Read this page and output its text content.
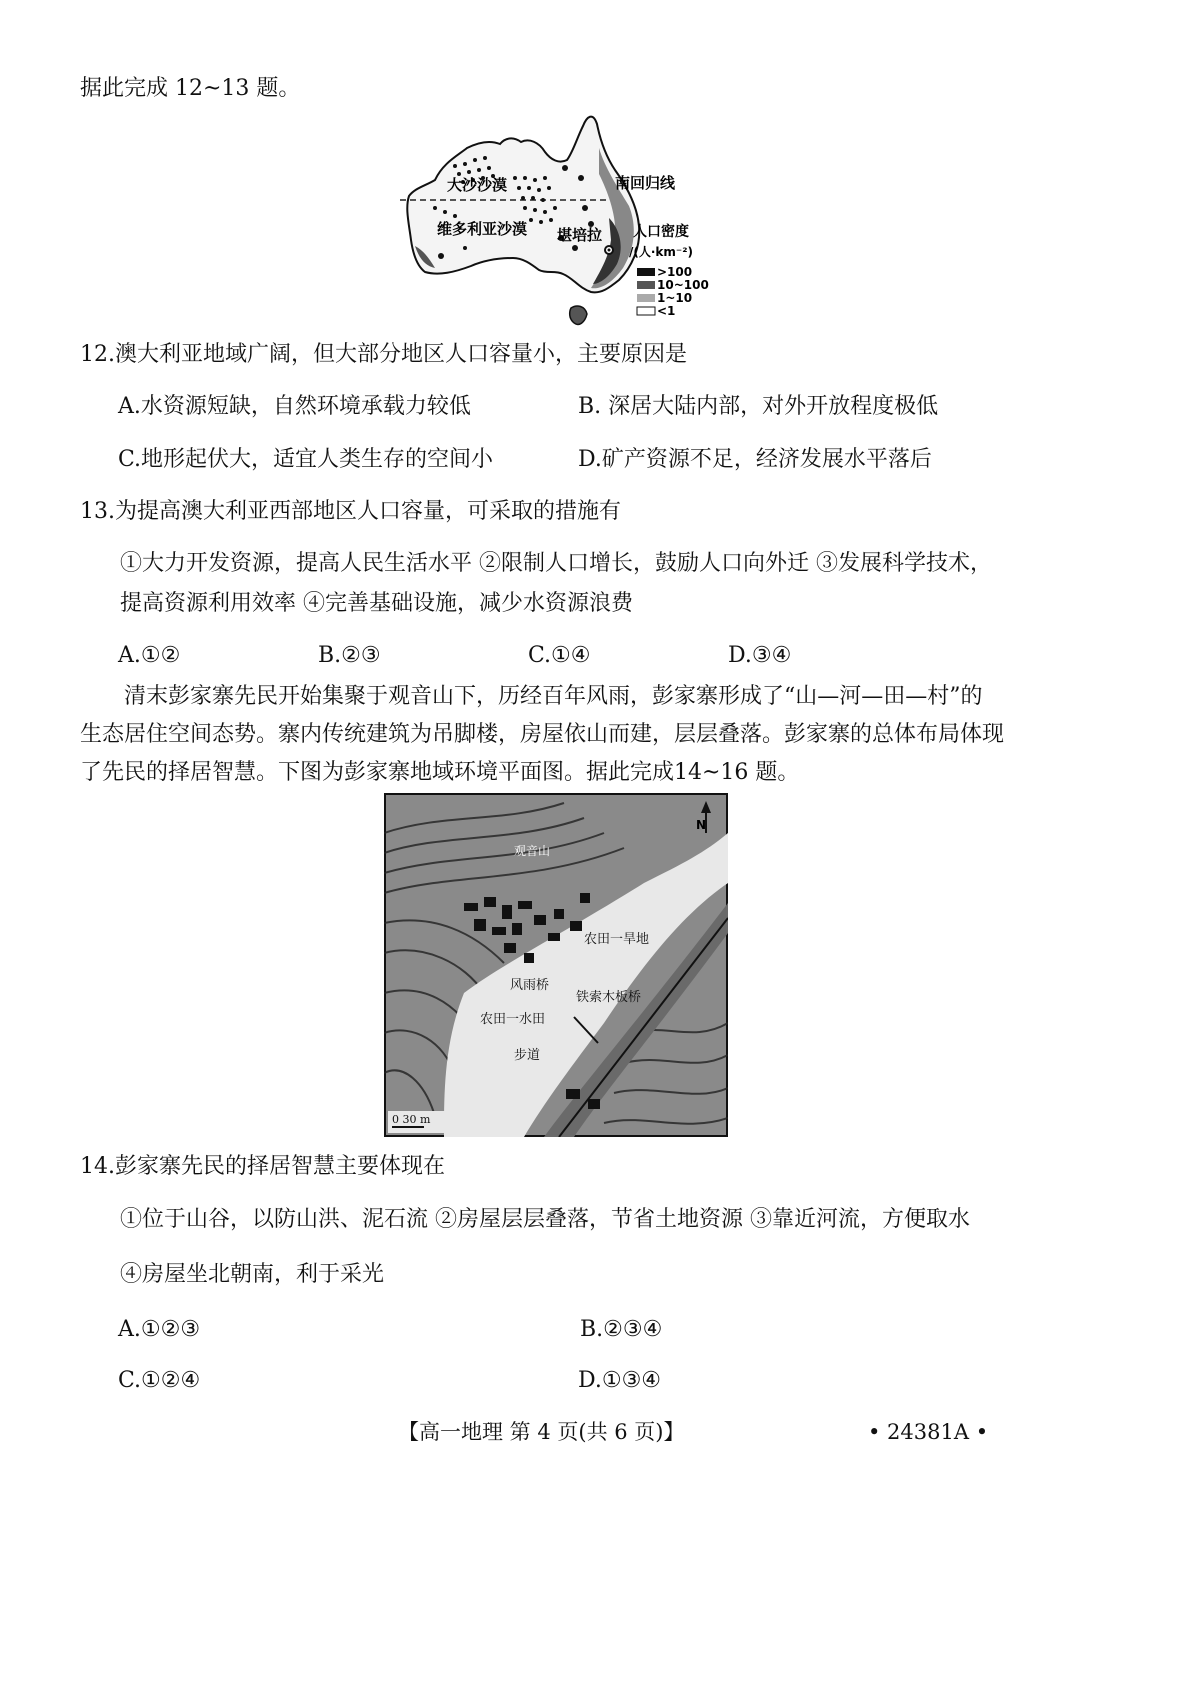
据此完成 12~13 题。
大沙沙漠
维多利亚沙漠
南回归线
堪培拉 人口密度
/(人·km⁻²)
>100
10~100
1~10
<1
12.澳大利亚地域广阔，但大部分地区人口容量小，主要原因是
A.水资源短缺，自然环境承载力较低	B. 深居大陆内部，对外开放程度极低
C.地形起伏大，适宜人类生存的空间小	D.矿产资源不足，经济发展水平落后
13.为提高澳大利亚西部地区人口容量，可采取的措施有
①大力开发资源，提高人民生活水平 ②限制人口增长，鼓励人口向外迁 ③发展科学技术，
提高资源利用效率 ④完善基础设施，减少水资源浪费
A.①②	B.②③	C.①④	D.③④
清末彭家寨先民开始集聚于观音山下，历经百年风雨，彭家寨形成了“山—河—田—村”的
生态居住空间态势。寨内传统建筑为吊脚楼，房屋依山而建，层层叠落。彭家寨的总体布局体现
了先民的择居智慧。下图为彭家寨地域环境平面图。据此完成14~16 题。
N
观音山
农田一旱地
风雨桥
铁索木板桥
农田一水田
步道
0 30 m
14.彭家寨先民的择居智慧主要体现在
①位于山谷，以防山洪、泥石流 ②房屋层层叠落，节省土地资源 ③靠近河流，方便取水
④房屋坐北朝南，利于采光
A.①②③	B.②③④
C.①②④	D.①③④
【高一地理 第 4 页(共 6 页)】	• 24381A •
